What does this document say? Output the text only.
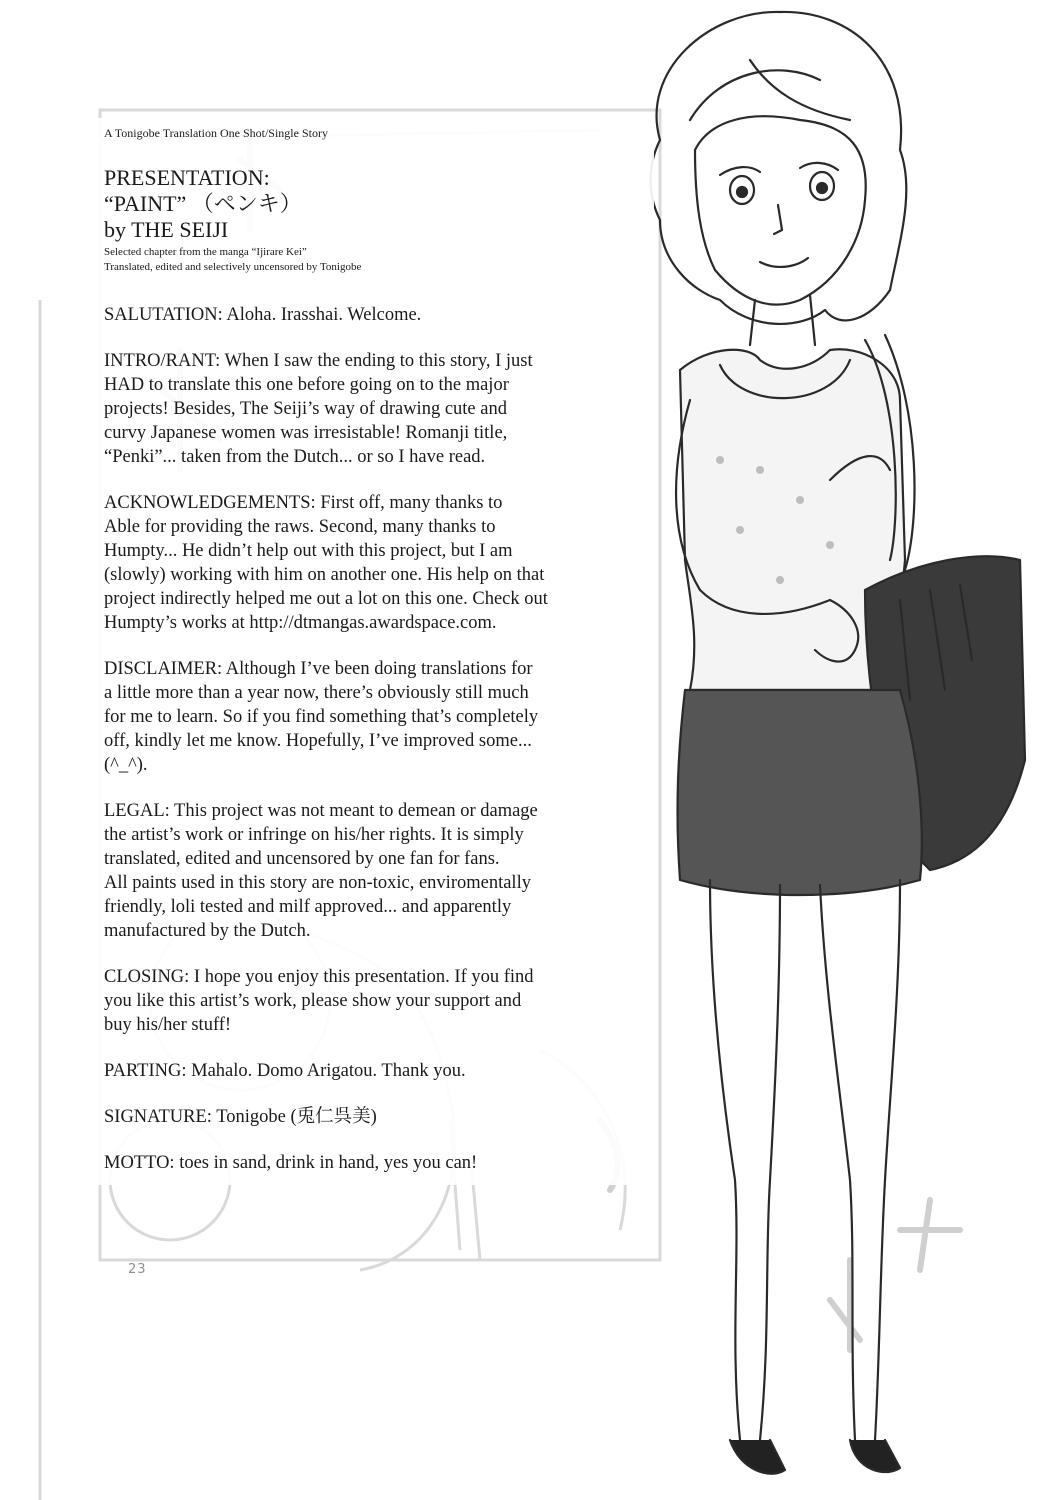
A Tonigobe Translation One Shot/Single Story

PRESENTATION:

“PAINT” （ペンキ）

by THE SEIJI

Selected chapter from the manga “Ijirare Kei”

Translated, edited and selectively uncensored by Tonigobe

SALUTATION: Aloha. Irasshai. Welcome.
INTRO/RANT: When I saw the ending to this story, I just
HAD to translate this one before going on to the major
projects! Besides, The Seiji’s way of drawing cute and
curvy Japanese women was irresistable! Romanji title,
“Penki”... taken from the Dutch... or so I have read.
ACKNOWLEDGEMENTS: First off, many thanks to
Able for providing the raws. Second, many thanks to
Humpty... He didn’t help out with this project, but I am
(slowly) working with him on another one. His help on that
project indirectly helped me out a lot on this one. Check out
Humpty’s works at http://dtmangas.awardspace.com.
DISCLAIMER: Although I’ve been doing translations for
a little more than a year now, there’s obviously still much
for me to learn. So if you find something that’s completely
off, kindly let me know. Hopefully, I’ve improved some...
(^_^).
LEGAL: This project was not meant to demean or damage
the artist’s work or infringe on his/her rights. It is simply
translated, edited and uncensored by one fan for fans.
All paints used in this story are non-toxic, enviromentally
friendly, loli tested and milf approved... and apparently
manufactured by the Dutch.
CLOSING: I hope you enjoy this presentation. If you find
you like this artist’s work, please show your support and
buy his/her stuff!
PARTING: Mahalo. Domo Arigatou. Thank you.
SIGNATURE: Tonigobe (兎仁呉美)
MOTTO: toes in sand, drink in hand, yes you can!
23
